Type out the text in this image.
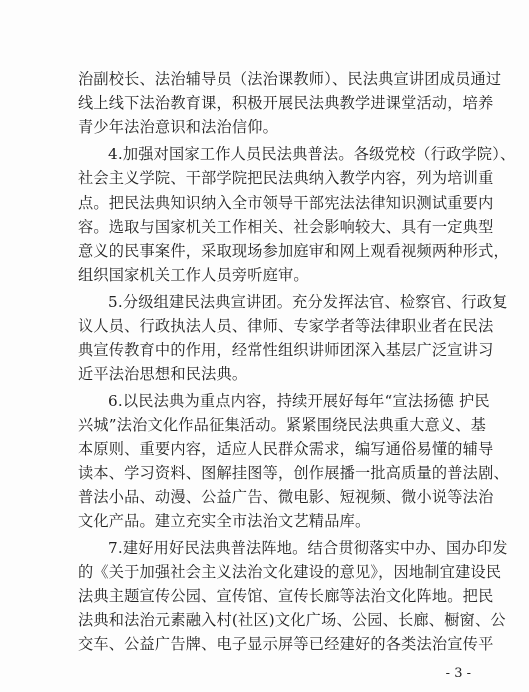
治副校长、法治辅导员（法治课教师）、民法典宣讲团成员通过
线上线下法治教育课，积极开展民法典教学进课堂活动，培养
青少年法治意识和法治信仰。
4.加强对国家工作人员民法典普法。各级党校（行政学院）、
社会主义学院、干部学院把民法典纳入教学内容，列为培训重
点。把民法典知识纳入全市领导干部宪法法律知识测试重要内
容。选取与国家机关工作相关、社会影响较大、具有一定典型
意义的民事案件，采取现场参加庭审和网上观看视频两种形式，
组织国家机关工作人员旁听庭审。
5.分级组建民法典宣讲团。充分发挥法官、检察官、行政复
议人员、行政执法人员、律师、专家学者等法律职业者在民法
典宣传教育中的作用，经常性组织讲师团深入基层广泛宣讲习
近平法治思想和民法典。
6.以民法典为重点内容，持续开展好每年“宣法扬德 护民
兴城”法治文化作品征集活动。紧紧围绕民法典重大意义、基
本原则、重要内容，适应人民群众需求，编写通俗易懂的辅导
读本、学习资料、图解挂图等，创作展播一批高质量的普法剧、
普法小品、动漫、公益广告、微电影、短视频、微小说等法治
文化产品。建立充实全市法治文艺精品库。
7.建好用好民法典普法阵地。结合贯彻落实中办、国办印发
的《关于加强社会主义法治文化建设的意见》，因地制宜建设民
法典主题宣传公园、宣传馆、宣传长廊等法治文化阵地。把民
法典和法治元素融入村(社区)文化广场、公园、长廊、橱窗、公
交车、公益广告牌、电子显示屏等已经建好的各类法治宣传平
- 3 -
